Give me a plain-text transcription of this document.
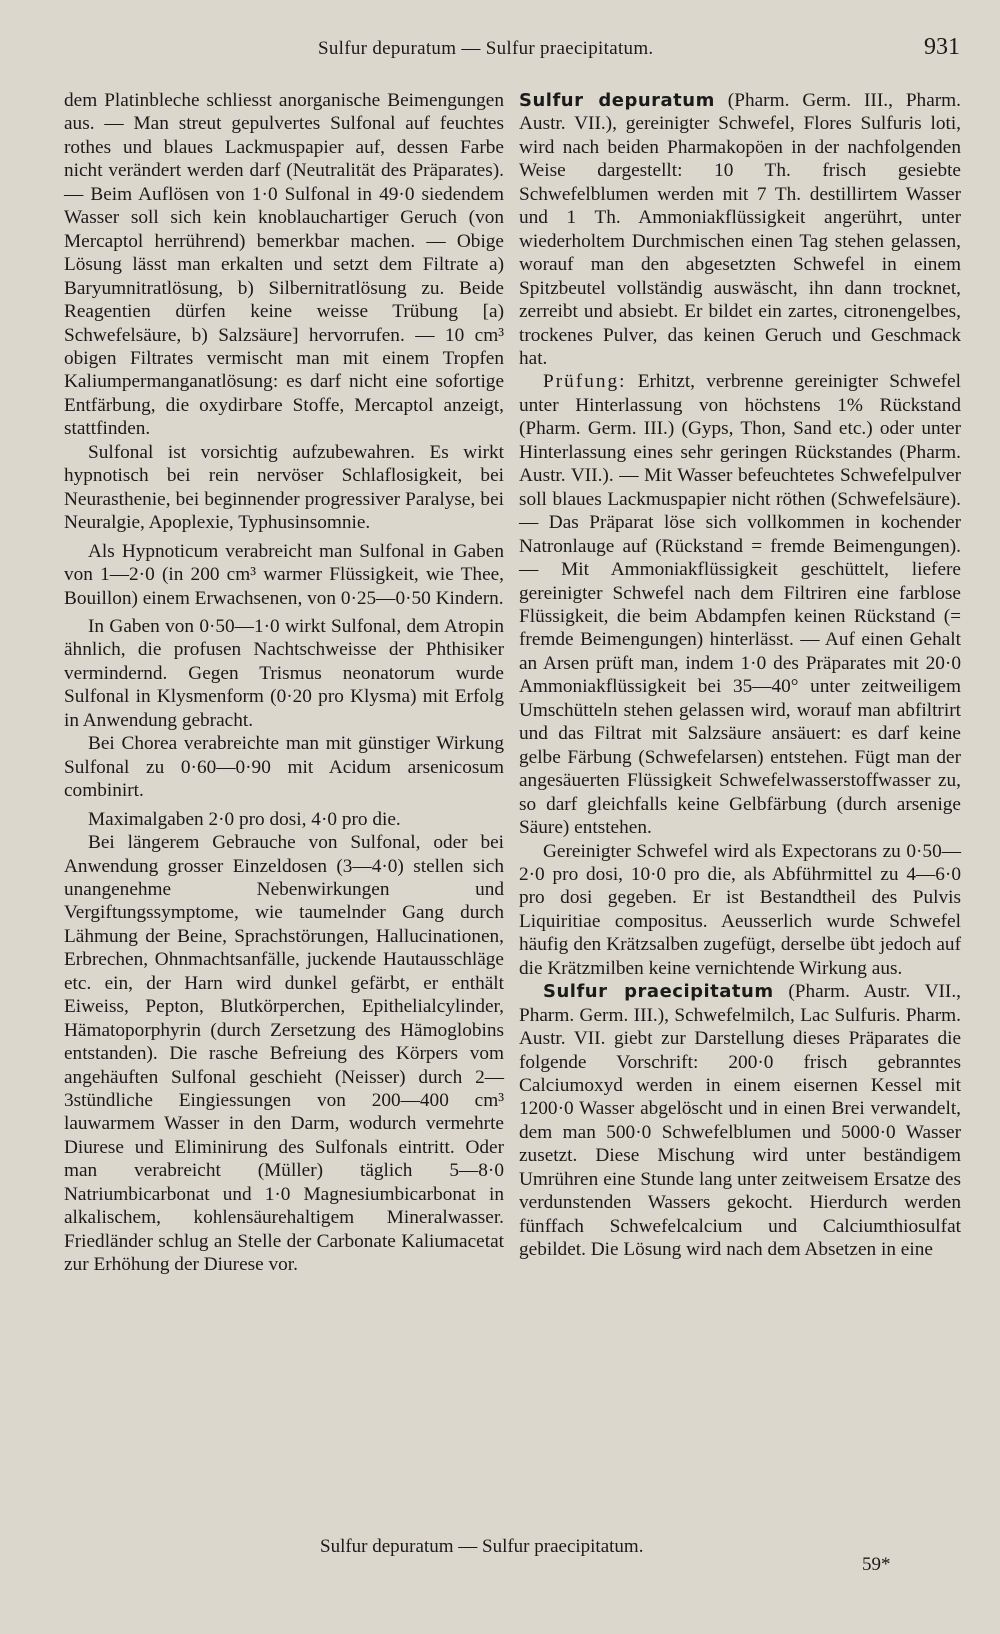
Sulfur depuratum — Sulfur praecipitatum.	931

dem Platinbleche schliesst anorganische Beimengungen aus. — Man streut gepulvertes Sulfonal auf feuchtes rothes und blaues Lackmuspapier auf, dessen Farbe nicht verändert werden darf (Neutralität des Präparates). — Beim Auflösen von 1·0 Sulfonal in 49·0 siedendem Wasser soll sich kein knoblauchartiger Geruch (von Mercaptol herrührend) bemerkbar machen. — Obige Lösung lässt man erkalten und setzt dem Filtrate a) Baryumnitratlösung, b) Silbernitratlösung zu. Beide Reagentien dürfen keine weisse Trübung [a) Schwefelsäure, b) Salzsäure] hervorrufen. — 10 cm³ obigen Filtrates vermischt man mit einem Tropfen Kaliumpermanganatlösung: es darf nicht eine sofortige Entfärbung, die oxydirbare Stoffe, Mercaptol anzeigt, stattfinden.

Sulfonal ist vorsichtig aufzubewahren. Es wirkt hypnotisch bei rein nervöser Schlaflosigkeit, bei Neurasthenie, bei beginnender progressiver Paralyse, bei Neuralgie, Apoplexie, Typhusinsomnie.

Als Hypnoticum verabreicht man Sulfonal in Gaben von 1—2·0 (in 200 cm³ warmer Flüssigkeit, wie Thee, Bouillon) einem Erwachsenen, von 0·25—0·50 Kindern.

In Gaben von 0·50—1·0 wirkt Sulfonal, dem Atropin ähnlich, die profusen Nachtschweisse der Phthisiker vermindernd. Gegen Trismus neonatorum wurde Sulfonal in Klysmenform (0·20 pro Klysma) mit Erfolg in Anwendung gebracht.

Bei Chorea verabreichte man mit günstiger Wirkung Sulfonal zu 0·60—0·90 mit Acidum arsenicosum combinirt.

Maximalgaben 2·0 pro dosi, 4·0 pro die.

Bei längerem Gebrauche von Sulfonal, oder bei Anwendung grosser Einzeldosen (3—4·0) stellen sich unangenehme Nebenwirkungen und Vergiftungssymptome, wie taumelnder Gang durch Lähmung der Beine, Sprachstörungen, Hallucinationen, Erbrechen, Ohnmachtsanfälle, juckende Hautausschläge etc. ein, der Harn wird dunkel gefärbt, er enthält Eiweiss, Pepton, Blutkörperchen, Epithelialcylinder, Hämatoporphyrin (durch Zersetzung des Hämoglobins entstanden). Die rasche Befreiung des Körpers vom angehäuften Sulfonal geschieht (Neisser) durch 2—3stündliche Eingiessungen von 200—400 cm³ lauwarmem Wasser in den Darm, wodurch vermehrte Diurese und Eliminirung des Sulfonals eintritt. Oder man verabreicht (Müller) täglich 5—8·0 Natriumbicarbonat und 1·0 Magnesiumbicarbonat in alkalischem, kohlensäurehaltigem Mineralwasser. Friedländer schlug an Stelle der Carbonate Kaliumacetat zur Erhöhung der Diurese vor.

Sulfur depuratum (Pharm. Germ. III., Pharm. Austr. VII.), gereinigter Schwefel, Flores Sulfuris loti, wird nach beiden Pharmakopöen in der nachfolgenden Weise dargestellt: 10 Th. frisch gesiebte Schwefelblumen werden mit 7 Th. destillirtem Wasser und 1 Th. Ammoniakflüssigkeit angerührt, unter wiederholtem Durchmischen einen Tag stehen gelassen, worauf man den abgesetzten Schwefel in einem Spitzbeutel vollständig auswäscht, ihn dann trocknet, zerreibt und absiebt. Er bildet ein zartes, citronengelbes, trockenes Pulver, das keinen Geruch und Geschmack hat.

Prüfung: Erhitzt, verbrenne gereinigter Schwefel unter Hinterlassung von höchstens 1% Rückstand (Pharm. Germ. III.) (Gyps, Thon, Sand etc.) oder unter Hinterlassung eines sehr geringen Rückstandes (Pharm. Austr. VII.). — Mit Wasser befeuchtetes Schwefelpulver soll blaues Lackmuspapier nicht röthen (Schwefelsäure). — Das Präparat löse sich vollkommen in kochender Natronlauge auf (Rückstand = fremde Beimengungen). — Mit Ammoniakflüssigkeit geschüttelt, liefere gereinigter Schwefel nach dem Filtriren eine farblose Flüssigkeit, die beim Abdampfen keinen Rückstand (= fremde Beimengungen) hinterlässt. — Auf einen Gehalt an Arsen prüft man, indem 1·0 des Präparates mit 20·0 Ammoniakflüssigkeit bei 35—40° unter zeitweiligem Umschütteln stehen gelassen wird, worauf man abfiltrirt und das Filtrat mit Salzsäure ansäuert: es darf keine gelbe Färbung (Schwefelarsen) entstehen. Fügt man der angesäuerten Flüssigkeit Schwefelwasserstoffwasser zu, so darf gleichfalls keine Gelbfärbung (durch arsenige Säure) entstehen.

Gereinigter Schwefel wird als Expectorans zu 0·50—2·0 pro dosi, 10·0 pro die, als Abführmittel zu 4—6·0 pro dosi gegeben. Er ist Bestandtheil des Pulvis Liquiritiae compositus. Aeusserlich wurde Schwefel häufig den Krätzsalben zugefügt, derselbe übt jedoch auf die Krätzmilben keine vernichtende Wirkung aus.

Sulfur praecipitatum (Pharm. Austr. VII., Pharm. Germ. III.), Schwefelmilch, Lac Sulfuris. Pharm. Austr. VII. giebt zur Darstellung dieses Präparates die folgende Vorschrift: 200·0 frisch gebranntes Calciumoxyd werden in einem eisernen Kessel mit 1200·0 Wasser abgelöscht und in einen Brei verwandelt, dem man 500·0 Schwefelblumen und 5000·0 Wasser zusetzt. Diese Mischung wird unter beständigem Umrühren eine Stunde lang unter zeitweisem Ersatze des verdunstenden Wassers gekocht. Hierdurch werden fünffach Schwefelcalcium und Calciumthiosulfat gebildet. Die Lösung wird nach dem Absetzen in eine

Sulfur depuratum — Sulfur praecipitatum.
59*
